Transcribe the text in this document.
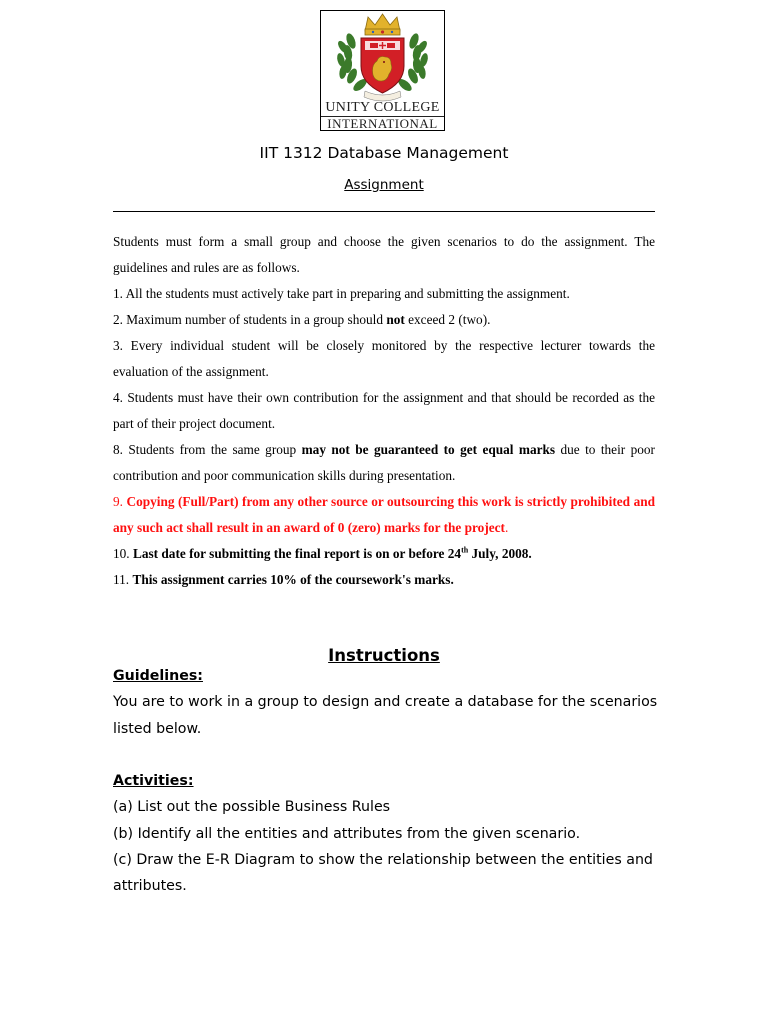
UNITY COLLEGE
INTERNATIONAL
IIT 1312 Database Management
Assignment

Students must form a small group and choose the given scenarios to do the assignment. The guidelines and rules are as follows.

1. All the students must actively take part in preparing and submitting the assignment.

2. Maximum number of students in a group should not exceed 2 (two).

3. Every individual student will be closely monitored by the respective lecturer towards the evaluation of the assignment.

4. Students must have their own contribution for the assignment and that should be recorded as the part of their project document.

8. Students from the same group may not be guaranteed to get equal marks due to their poor contribution and poor communication skills during presentation.

9. Copying (Full/Part) from any other source or outsourcing this work is strictly prohibited and any such act shall result in an award of 0 (zero) marks for the project.

10. Last date for submitting the final report is on or before 24th July, 2008.

11. This assignment carries 10% of the coursework's marks.

Instructions

Guidelines:

You are to work in a group to design and create a database for the scenarios listed below.

Activities:

(a) List out the possible Business Rules

(b) Identify all the entities and attributes from the given scenario.

(c) Draw the E-R Diagram to show the relationship between the entities and attributes.
